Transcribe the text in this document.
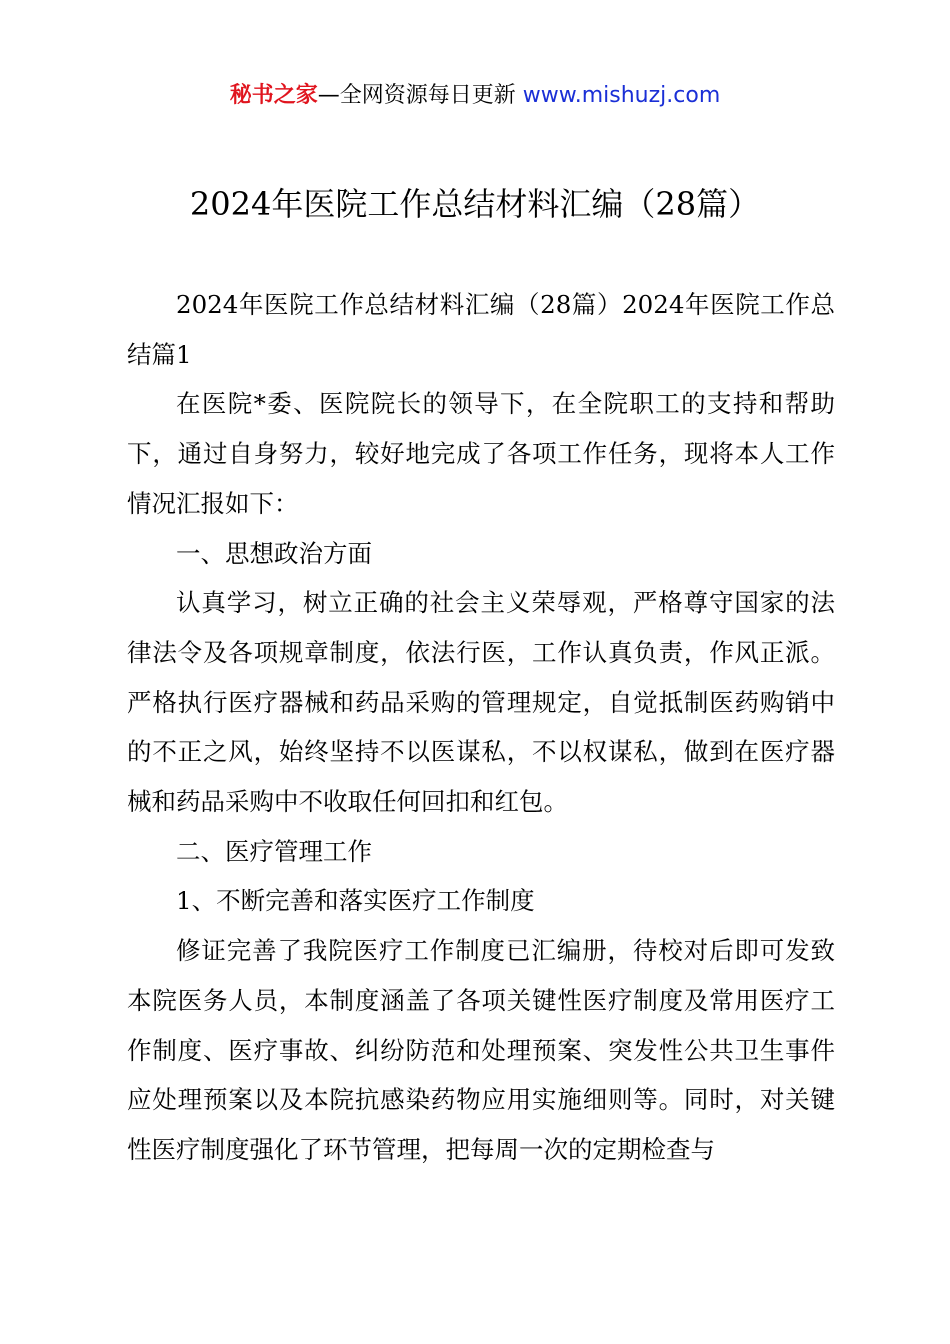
秘书之家—全网资源每日更新 www.mishuzj.com
2024年医院工作总结材料汇编（28篇）

2024年医院工作总结材料汇编（28篇）2024年医院工作总结篇1

在医院*委、医院院长的领导下，在全院职工的支持和帮助下，通过自身努力，较好地完成了各项工作任务，现将本人工作情况汇报如下：

一、思想政治方面

认真学习，树立正确的社会主义荣辱观，严格尊守国家的法律法令及各项规章制度，依法行医，工作认真负责，作风正派。严格执行医疗器械和药品采购的管理规定，自觉抵制医药购销中的不正之风，始终坚持不以医谋私，不以权谋私，做到在医疗器械和药品采购中不收取任何回扣和红包。

二、医疗管理工作

1、不断完善和落实医疗工作制度

修证完善了我院医疗工作制度已汇编册，待校对后即可发致本院医务人员，本制度涵盖了各项关键性医疗制度及常用医疗工作制度、医疗事故、纠纷防范和处理预案、突发性公共卫生事件应处理预案以及本院抗感染药物应用实施细则等。同时，对关键性医疗制度强化了环节管理，把每周一次的定期检查与
